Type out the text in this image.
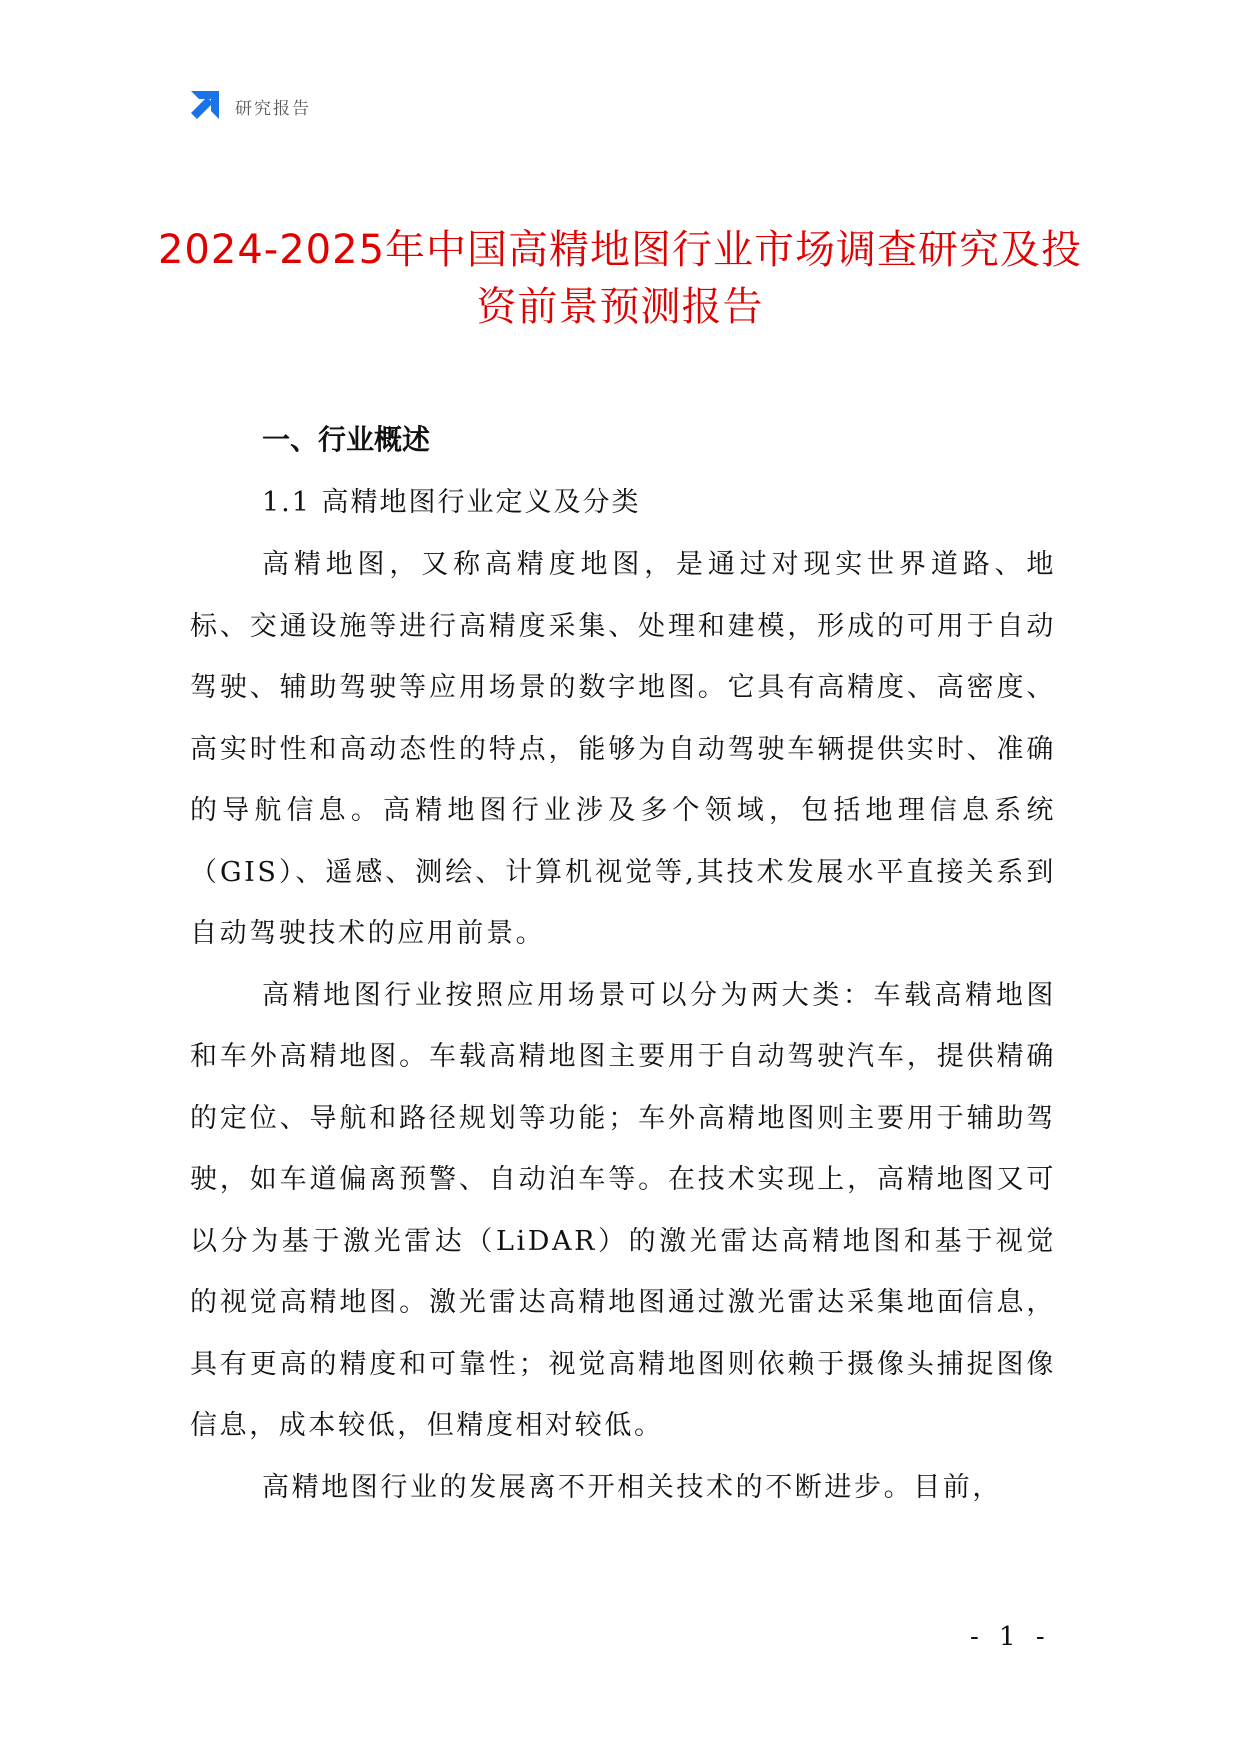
研究报告
2024-2025年中国高精地图行业市场调查研究及投资前景预测报告
一、行业概述
1.1 高精地图行业定义及分类

高精地图，又称高精度地图，是通过对现实世界道路、地标、交通设施等进行高精度采集、处理和建模，形成的可用于自动驾驶、辅助驾驶等应用场景的数字地图。它具有高精度、高密度、高实时性和高动态性的特点，能够为自动驾驶车辆提供实时、准确的导航信息。高精地图行业涉及多个领域，包括地理信息系统（GIS）、遥感、测绘、计算机视觉等,其技术发展水平直接关系到自动驾驶技术的应用前景。

高精地图行业按照应用场景可以分为两大类：车载高精地图和车外高精地图。车载高精地图主要用于自动驾驶汽车，提供精确的定位、导航和路径规划等功能；车外高精地图则主要用于辅助驾驶，如车道偏离预警、自动泊车等。在技术实现上，高精地图又可以分为基于激光雷达（LiDAR）的激光雷达高精地图和基于视觉的视觉高精地图。激光雷达高精地图通过激光雷达采集地面信息，具有更高的精度和可靠性；视觉高精地图则依赖于摄像头捕捉图像信息，成本较低，但精度相对较低。

高精地图行业的发展离不开相关技术的不断进步。目前，

- 1 -
